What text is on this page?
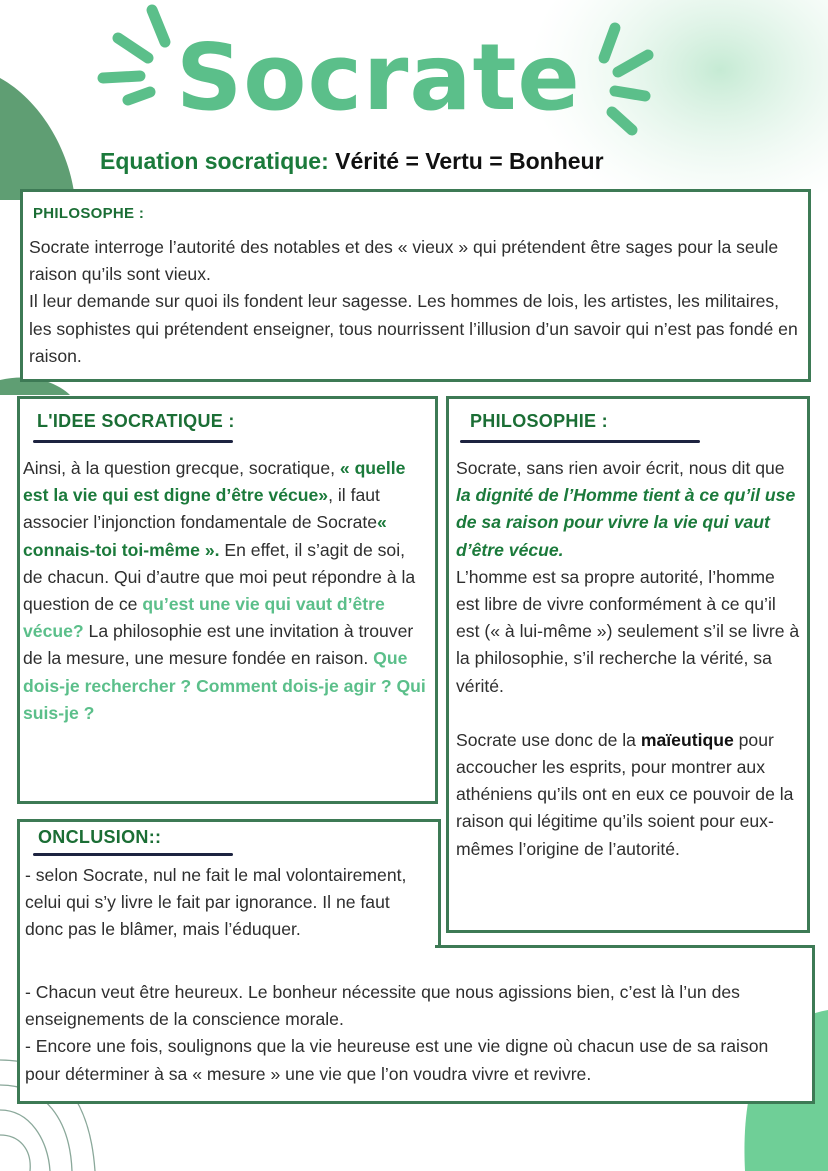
Socrate
Equation socratique: Vérité = Vertu = Bonheur
PHILOSOPHE :

Socrate interroge l’autorité des notables et des « vieux » qui prétendent être sages pour la seule raison qu’ils sont vieux.

Il leur demande sur quoi ils fondent leur sagesse. Les hommes de lois, les artistes, les militaires, les sophistes qui prétendent enseigner, tous nourrissent l’illusion d’un savoir qui n’est pas fondé en raison.

L'IDEE SOCRATIQUE :
Ainsi, à la question grecque, socratique, « quelle est la vie qui est digne d’être vécue», il faut associer l’injonction fondamentale de Socrate« connais-toi toi-même ». En effet, il s’agit de soi, de chacun. Qui d’autre que moi peut répondre à la question de ce qu’est une vie qui vaut d’être vécue? La philosophie est une invitation à trouver de la mesure, une mesure fondée en raison. Que dois-je rechercher ? Comment dois-je agir ? Qui suis-je ?
PHILOSOPHIE :
Socrate, sans rien avoir écrit, nous dit que la dignité de l’Homme tient à ce qu’il use de sa raison pour vivre la vie qui vaut d’être vécue.

L’homme est sa propre autorité, l’homme est libre de vivre conformément à ce qu’il est (« à lui-même ») seulement s’il se livre à la philosophie, s’il recherche la vérité, sa vérité.

Socrate use donc de la maïeutique pour accoucher les esprits, pour montrer aux athéniens qu’ils ont en eux ce pouvoir de la raison qui légitime qu’ils soient pour eux-mêmes l’origine de l’autorité.

ONCLUSION::
- selon Socrate, nul ne fait le mal volontairement, celui qui s’y livre le fait par ignorance. Il ne faut donc pas le blâmer, mais l’éduquer.

- Chacun veut être heureux. Le bonheur nécessite que nous agissions bien, c’est là l’un des enseignements de la conscience morale.

- Encore une fois, soulignons que la vie heureuse est une vie digne où chacun use de sa raison pour déterminer à sa « mesure » une vie que l’on voudra vivre et revivre.
